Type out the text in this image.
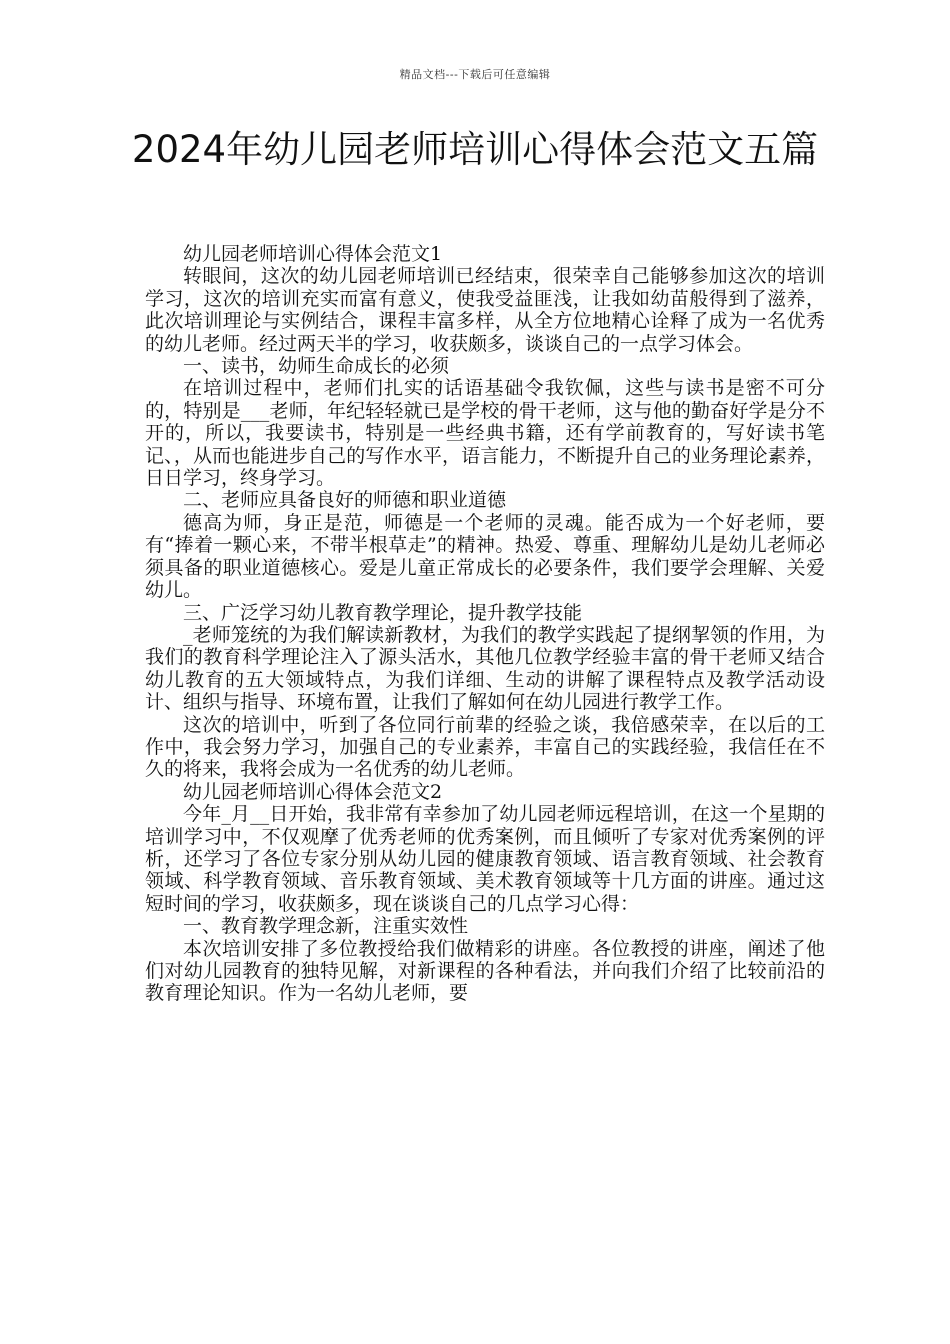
精品文档---下载后可任意编辑
2024年幼儿园老师培训心得体会范文五篇

幼儿园老师培训心得体会范文1

转眼间，这次的幼儿园老师培训已经结束，很荣幸自己能够参加这次的培训学习，这次的培训充实而富有意义，使我受益匪浅，让我如幼苗般得到了滋养，此次培训理论与实例结合，课程丰富多样，从全方位地精心诠释了成为一名优秀的幼儿老师。经过两天半的学习，收获颇多，谈谈自己的一点学习体会。

一、读书，幼师生命成长的必须

在培训过程中，老师们扎实的话语基础令我钦佩，这些与读书是密不可分的，特别是___老师，年纪轻轻就已是学校的骨干老师，这与他的勤奋好学是分不开的，所以，我要读书，特别是一些经典书籍，还有学前教育的，写好读书笔记、，从而也能进步自己的写作水平，语言能力，不断提升自己的业务理论素养，日日学习，终身学习。

二、老师应具备良好的师德和职业道德

德高为师，身正是范，师德是一个老师的灵魂。能否成为一个好老师，要有“捧着一颗心来，不带半根草走”的精神。热爱、尊重、理解幼儿是幼儿老师必须具备的职业道德核心。爱是儿童正常成长的必要条件，我们要学会理解、关爱幼儿。

三、广泛学习幼儿教育教学理论，提升教学技能

_老师笼统的为我们解读新教材，为我们的教学实践起了提纲挈领的作用，为我们的教育科学理论注入了源头活水，其他几位教学经验丰富的骨干老师又结合幼儿教育的五大领域特点，为我们详细、生动的讲解了课程特点及教学活动设计、组织与指导、环境布置，让我们了解如何在幼儿园进行教学工作。

这次的培训中，听到了各位同行前辈的经验之谈，我倍感荣幸，在以后的工作中，我会努力学习，加强自己的专业素养，丰富自己的实践经验，我信任在不久的将来，我将会成为一名优秀的幼儿老师。

幼儿园老师培训心得体会范文2

今年_月__日开始，我非常有幸参加了幼儿园老师远程培训，在这一个星期的培训学习中，不仅观摩了优秀老师的优秀案例，而且倾听了专家对优秀案例的评析，还学习了各位专家分别从幼儿园的健康教育领域、语言教育领域、社会教育领域、科学教育领域、音乐教育领域、美术教育领域等十几方面的讲座。通过这短时间的学习，收获颇多，现在谈谈自己的几点学习心得：

一、教育教学理念新，注重实效性

本次培训安排了多位教授给我们做精彩的讲座。各位教授的讲座，阐述了他们对幼儿园教育的独特见解，对新课程的各种看法，并向我们介绍了比较前沿的教育理论知识。作为一名幼儿老师，要
